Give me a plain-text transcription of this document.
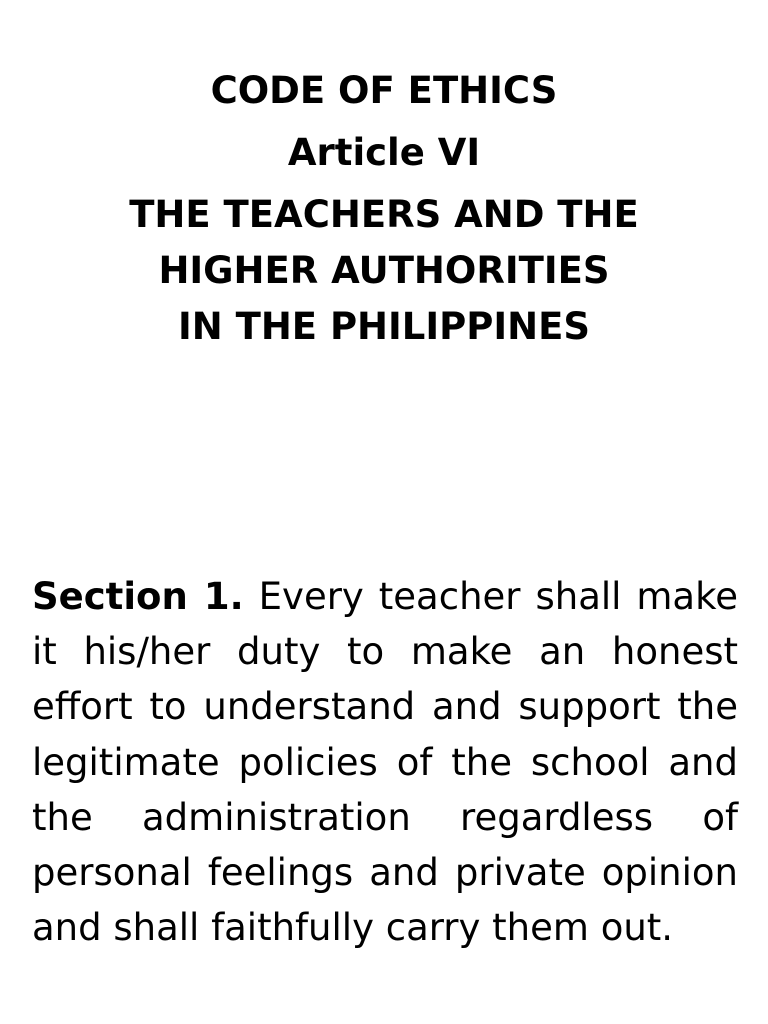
CODE OF ETHICS
Article VI
THE TEACHERS AND THE
HIGHER AUTHORITIES
IN THE PHILIPPINES

Section 1. Every teacher shall make it his/her duty to make an honest effort to understand and support the legitimate policies of the school and the administration regardless of personal feelings and private opinion and shall faithfully carry them out.
